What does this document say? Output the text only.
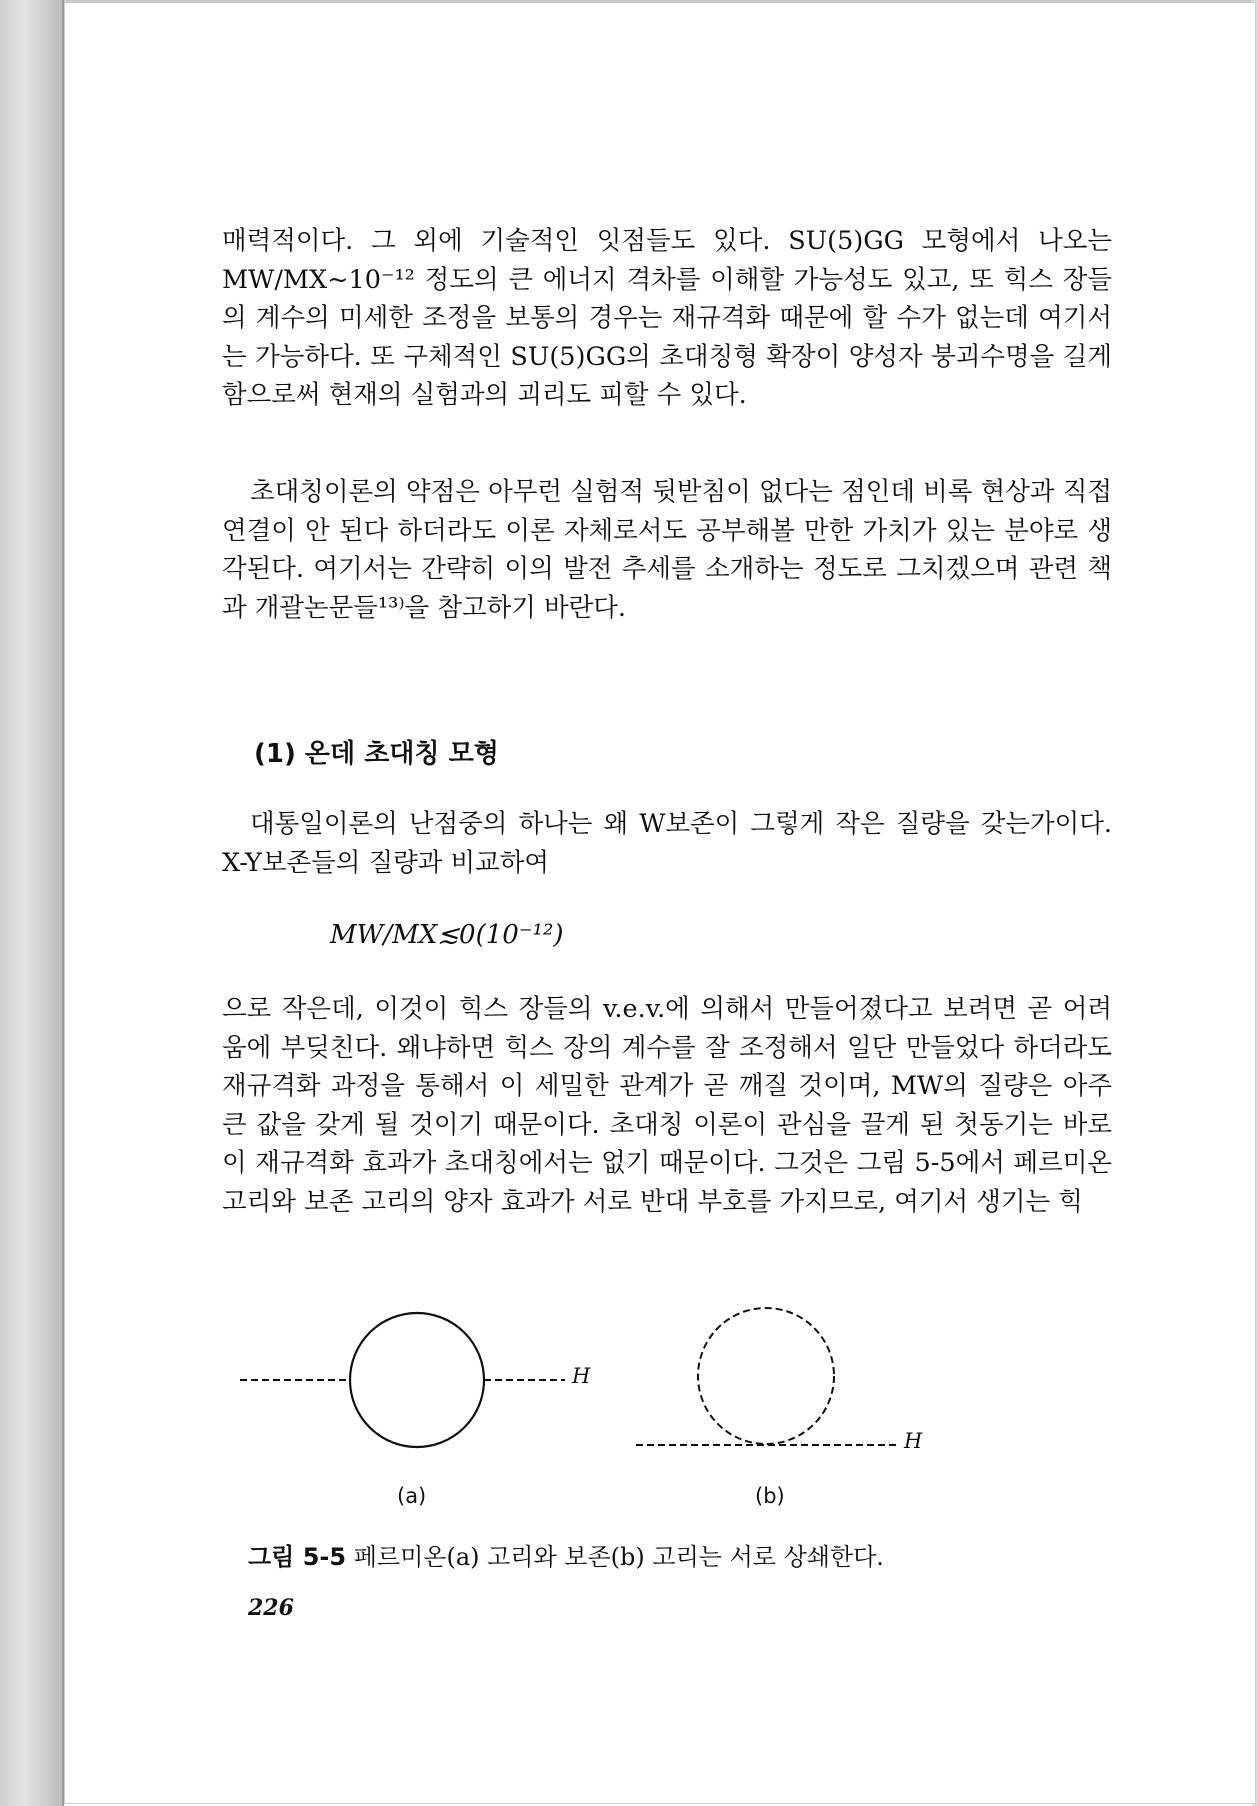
매력적이다. 그 외에 기술적인 잇점들도 있다. SU(5)GG 모형에서 나오는 MW/MX~10⁻¹² 정도의 큰 에너지 격차를 이해할 가능성도 있고, 또 힉스 장들의 계수의 미세한 조정을 보통의 경우는 재규격화 때문에 할 수가 없는데 여기서는 가능하다. 또 구체적인 SU(5)GG의 초대칭형 확장이 양성자 붕괴수명을 길게 함으로써 현재의 실험과의 괴리도 피할 수 있다.

초대칭이론의 약점은 아무런 실험적 뒷받침이 없다는 점인데 비록 현상과 직접 연결이 안 된다 하더라도 이론 자체로서도 공부해볼 만한 가치가 있는 분야로 생각된다. 여기서는 간략히 이의 발전 추세를 소개하는 정도로 그치겠으며 관련 책과 개괄논문들¹³⁾을 참고하기 바란다.

(1) 온데 초대칭 모형

대통일이론의 난점중의 하나는 왜 W보존이 그렇게 작은 질량을 갖는가이다. X-Y보존들의 질량과 비교하여

MW/MX≲0(10⁻¹²)

으로 작은데, 이것이 힉스 장들의 v.e.v.에 의해서 만들어졌다고 보려면 곧 어려움에 부딪친다. 왜냐하면 힉스 장의 계수를 잘 조정해서 일단 만들었다 하더라도 재규격화 과정을 통해서 이 세밀한 관계가 곧 깨질 것이며, MW의 질량은 아주 큰 값을 갖게 될 것이기 때문이다. 초대칭 이론이 관심을 끌게 된 첫동기는 바로 이 재규격화 효과가 초대칭에서는 없기 때문이다. 그것은 그림 5-5에서 페르미온 고리와 보존 고리의 양자 효과가 서로 반대 부호를 가지므로, 여기서 생기는 힉

H
H
(a)	(b)
그림 5-5 페르미온(a) 고리와 보존(b) 고리는 서로 상쇄한다.
226
